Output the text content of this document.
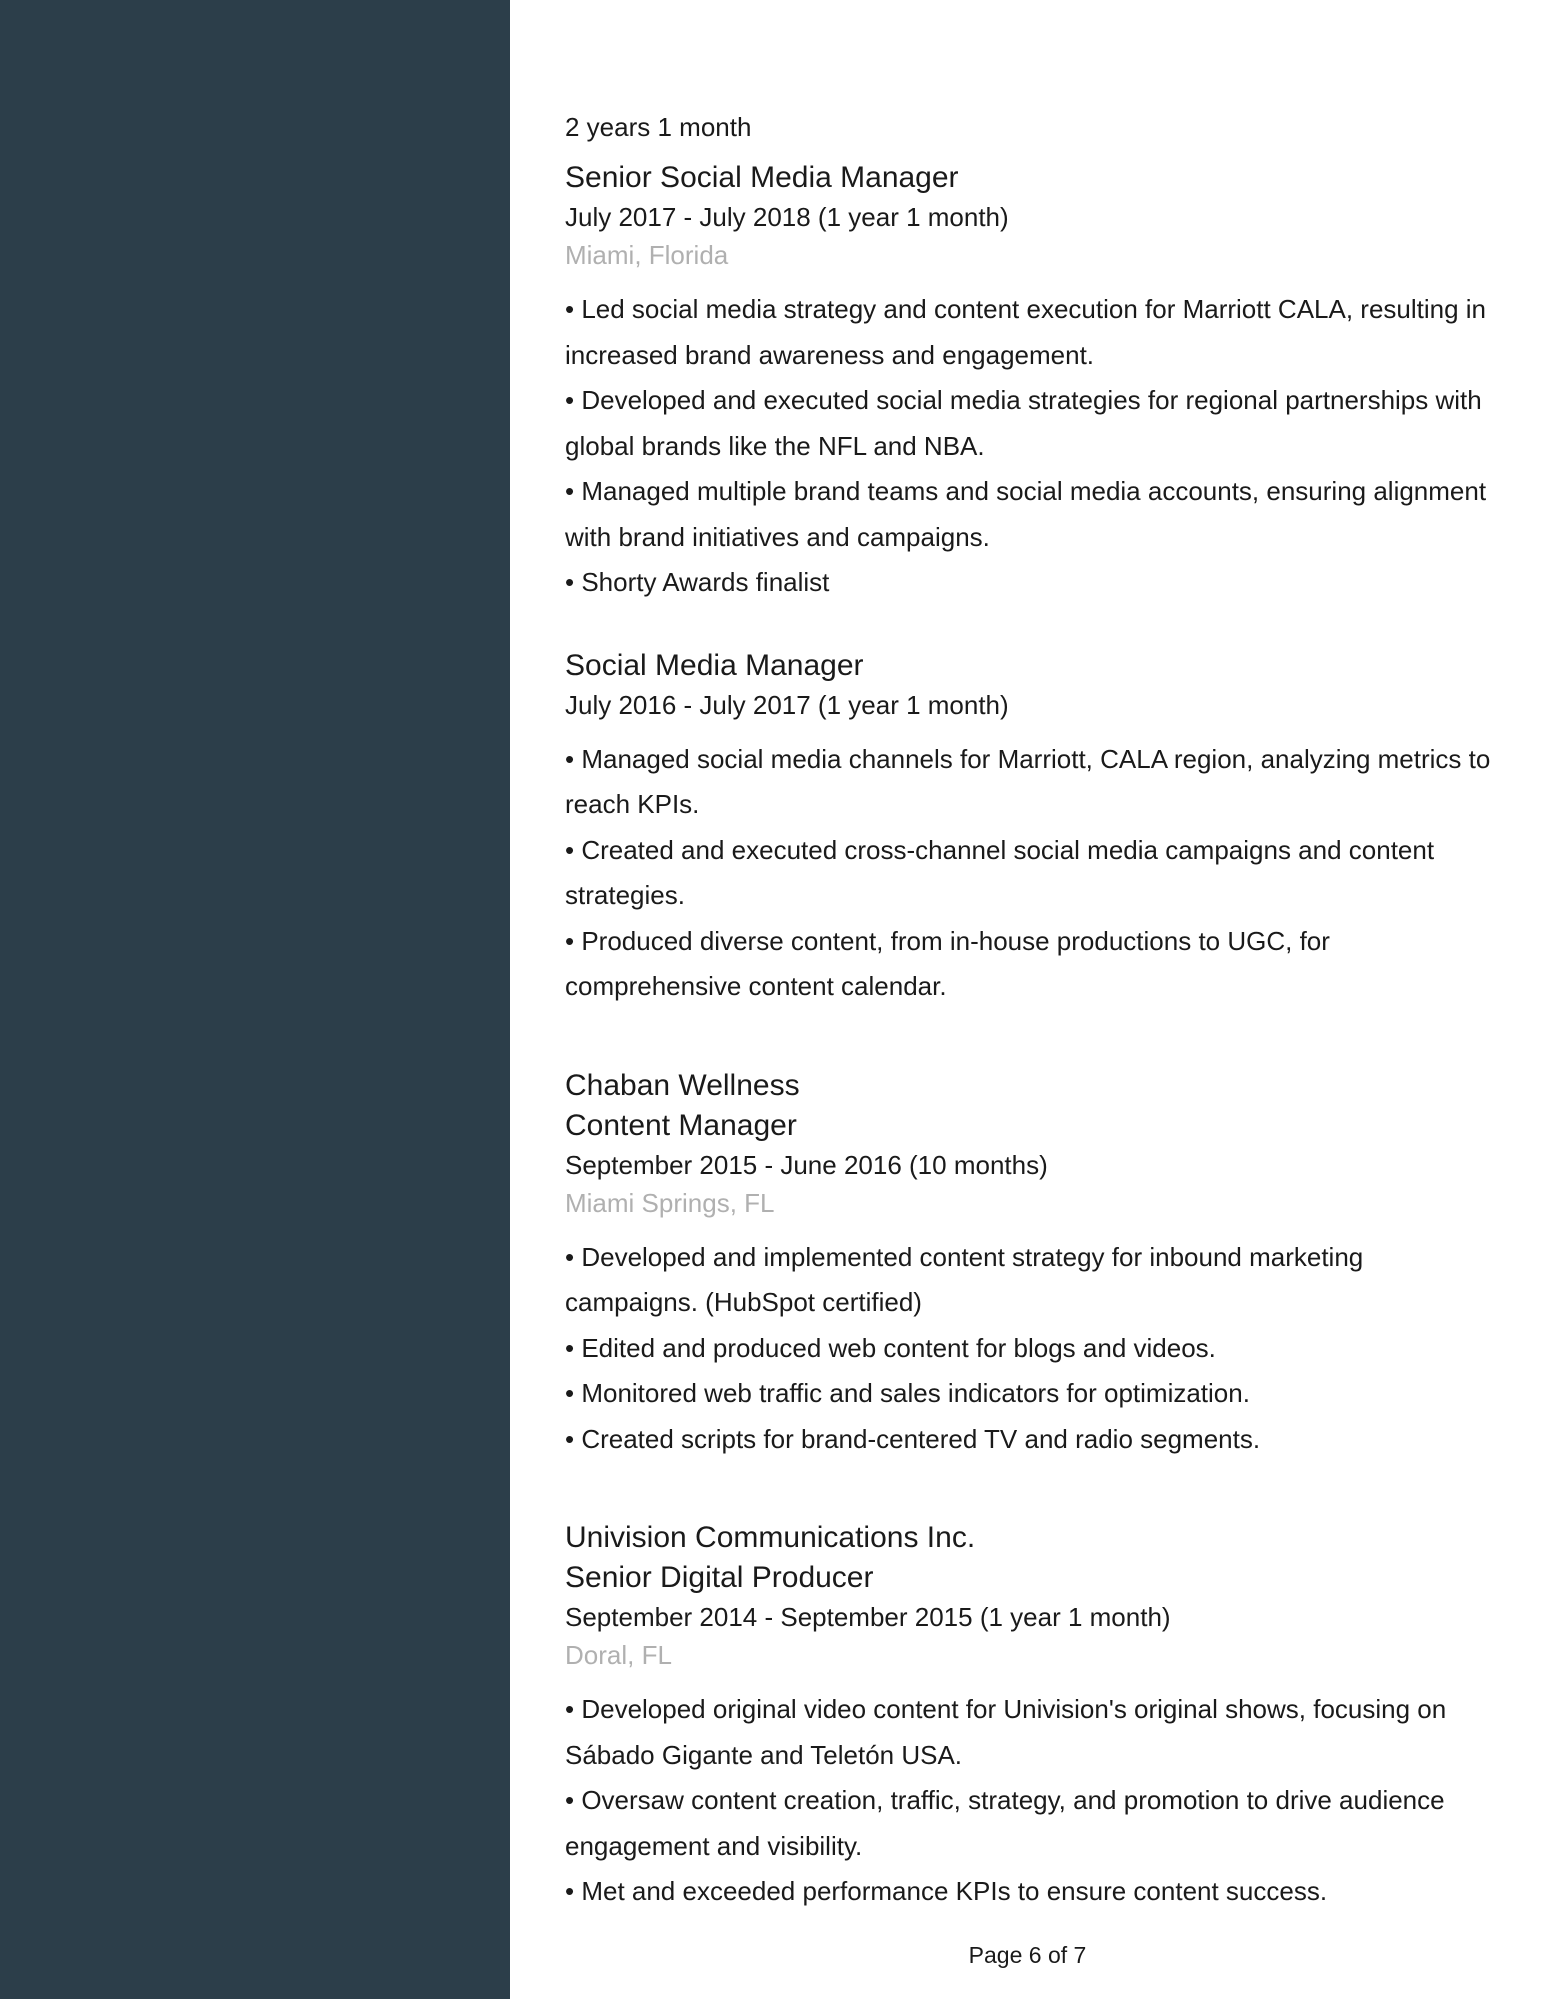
2 years 1 month

Senior Social Media Manager

July 2017 - July 2018 (1 year 1 month)

Miami, Florida

• Led social media strategy and content execution for Marriott CALA, resulting in increased brand awareness and engagement.
• Developed and executed social media strategies for regional partnerships with global brands like the NFL and NBA.
• Managed multiple brand teams and social media accounts, ensuring alignment with brand initiatives and campaigns.
• Shorty Awards finalist

Social Media Manager

July 2016 - July 2017 (1 year 1 month)

• Managed social media channels for Marriott, CALA region, analyzing metrics to reach KPIs.
• Created and executed cross-channel social media campaigns and content strategies.
• Produced diverse content, from in-house productions to UGC, for comprehensive content calendar.

Chaban Wellness

Content Manager

September 2015 - June 2016 (10 months)

Miami Springs, FL

• Developed and implemented content strategy for inbound marketing campaigns. (HubSpot certified)
• Edited and produced web content for blogs and videos.
• Monitored web traffic and sales indicators for optimization.
• Created scripts for brand-centered TV and radio segments.

Univision Communications Inc.

Senior Digital Producer

September 2014 - September 2015 (1 year 1 month)

Doral, FL

• Developed original video content for Univision's original shows, focusing on Sábado Gigante and Teletón USA.
• Oversaw content creation, traffic, strategy, and promotion to drive audience engagement and visibility.
• Met and exceeded performance KPIs to ensure content success.
Page 6 of 7
